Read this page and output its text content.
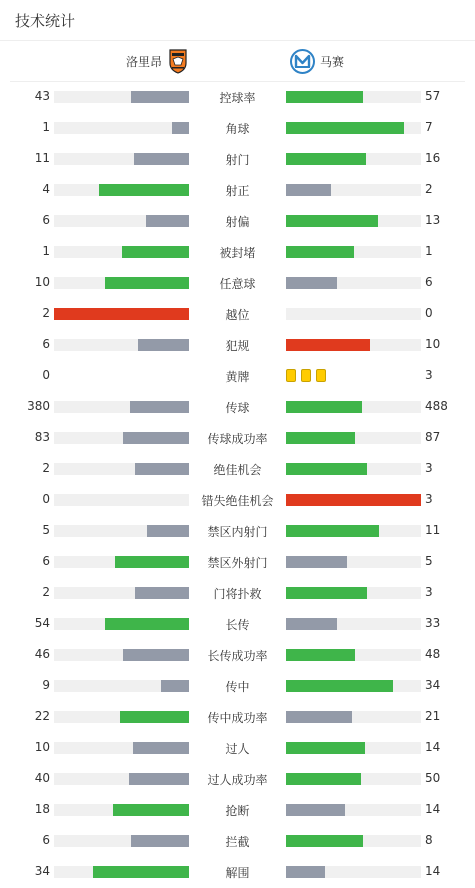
技术统计
洛里昂	马赛
43	控球率	57
1	角球	7
11	射门	16
4	射正	2
6	射偏	13
1	被封堵	1
10	任意球	6
2	越位	0
6	犯规	10
0	黄牌	3
380	传球	488
83	传球成功率	87
2	绝佳机会	3
0	错失绝佳机会	3
5	禁区内射门	11
6	禁区外射门	5
2	门将扑救	3
54	长传	33
46	长传成功率	48
9	传中	34
22	传中成功率	21
10	过人	14
40	过人成功率	50
18	抢断	14
6	拦截	8
34	解围	14
